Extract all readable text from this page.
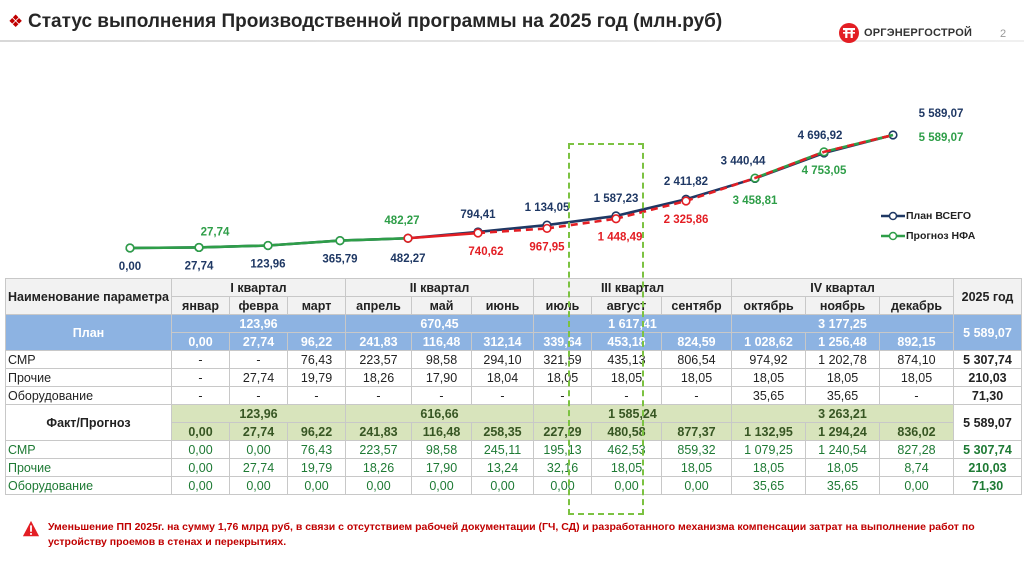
❖ Статус выполнения Производственной программы на 2025 год (млн.руб)
ОРГЭНЕРГОСТРОЙ	2
0,00	27,74	123,96	365,79	482,27
794,41
1 134,05
1 587,23
2 411,82
3 440,44
4 696,92
5 589,07
27,74
482,27
3 458,81
4 753,05
5 589,07
740,62 967,95
1 448,49
2 325,86	План ВСЕГО
Прогноз НФА
Наименование параметра	I квартал			II квартал			III квартал			IV квартал			2025 год
	январ	февра	март	апрель	май	июнь	июль	август	сентябр	октябрь	ноябрь	декабрь	
План	123,96			670,45			1 617,41			3 177,25			5 589,07
	0,00	27,74	96,22	241,83	116,48	312,14	339,64	453,18	824,59	1 028,62	1 256,48	892,15	
СМР	-	-	76,43	223,57	98,58	294,10	321,59	435,13	806,54	974,92	1 202,78	874,10	5 307,74
Прочие	-	27,74	19,79	18,26	17,90	18,04	18,05	18,05	18,05	18,05	18,05	18,05	210,03
Оборудование	-	-	-	-	-	-	-	-	-	35,65	35,65	-	71,30
Факт/Прогноз	123,96			616,66			1 585,24			3 263,21			5 589,07
	0,00	27,74	96,22	241,83	116,48	258,35	227,29	480,58	877,37	1 132,95	1 294,24	836,02	
СМР	0,00	0,00	76,43	223,57	98,58	245,11	195,13	462,53	859,32	1 079,25	1 240,54	827,28	5 307,74
Прочие	0,00	27,74	19,79	18,26	17,90	13,24	32,16	18,05	18,05	18,05	18,05	8,74	210,03
Оборудование	0,00	0,00	0,00	0,00	0,00	0,00	0,00	0,00	0,00	35,65	35,65	0,00	71,30
Уменьшение ПП 2025г. на сумму 1,76 млрд руб, в связи с отсутствием рабочей документации (ГЧ, СД) и разработанного механизма компенсации затрат на выполнение работ по устройству проемов в стенах и перекрытиях.
